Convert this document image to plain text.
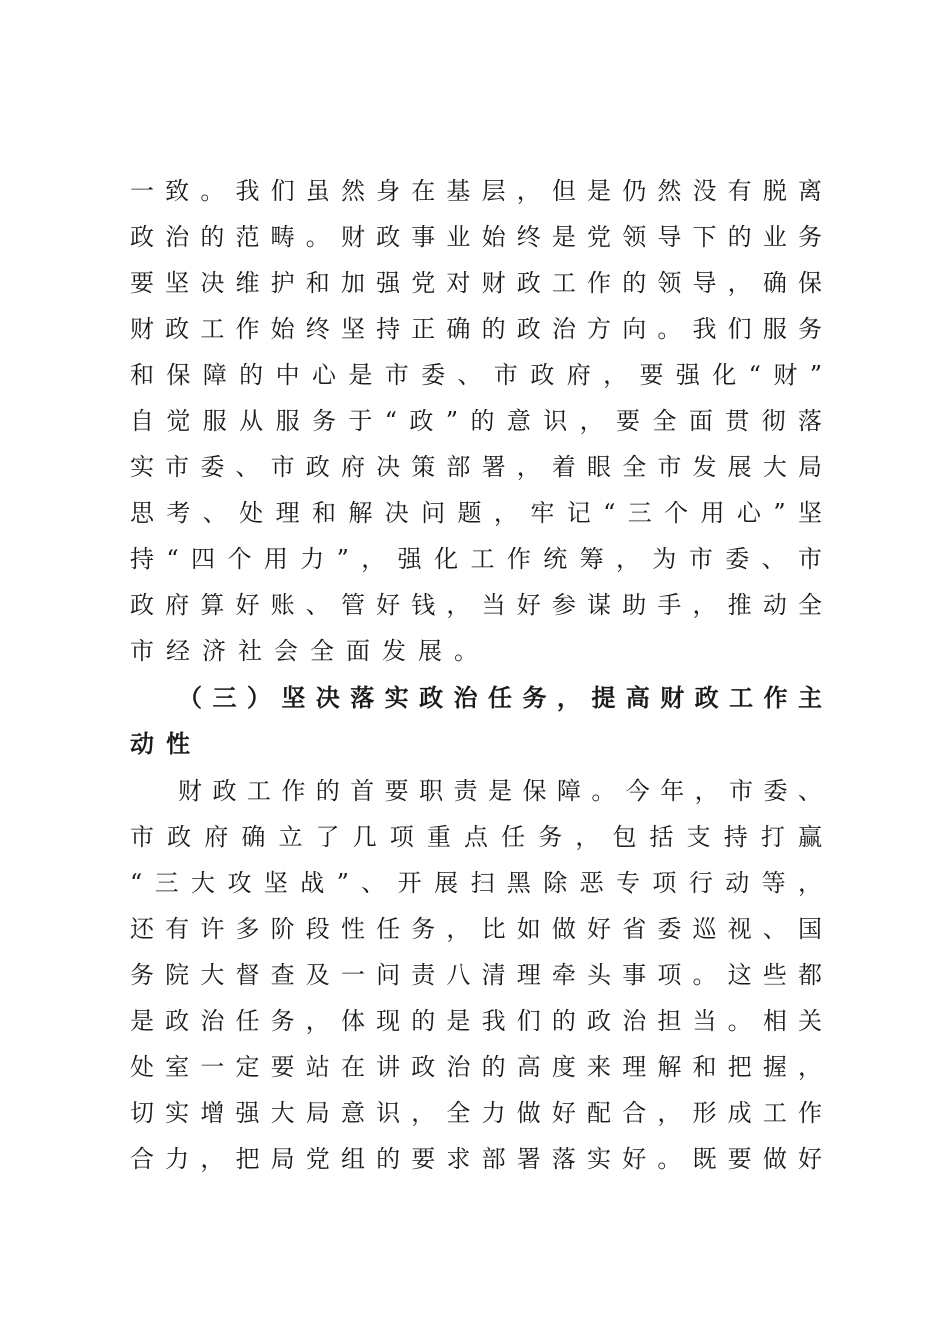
一致。我们虽然身在基层，但是仍然没有脱离
政治的范畴。财政事业始终是党领导下的业务
要坚决维护和加强党对财政工作的领导，确保
财政工作始终坚持正确的政治方向。我们服务
和保障的中心是市委、市政府，要强化“财”
自觉服从服务于“政”的意识，要全面贯彻落
实市委、市政府决策部署，着眼全市发展大局
思考、处理和解决问题，牢记“三个用心”坚
持“四个用力”，强化工作统筹，为市委、市
政府算好账、管好钱，当好参谋助手，推动全
市经济社会全面发展。
（三）坚决落实政治任务，提高财政工作主
动性
财政工作的首要职责是保障。今年，市委、
市政府确立了几项重点任务，包括支持打赢
“三大攻坚战”、开展扫黑除恶专项行动等，
还有许多阶段性任务，比如做好省委巡视、国
务院大督查及一问责八清理牵头事项。这些都
是政治任务，体现的是我们的政治担当。相关
处室一定要站在讲政治的高度来理解和把握，
切实增强大局意识，全力做好配合，形成工作
合力，把局党组的要求部署落实好。既要做好
